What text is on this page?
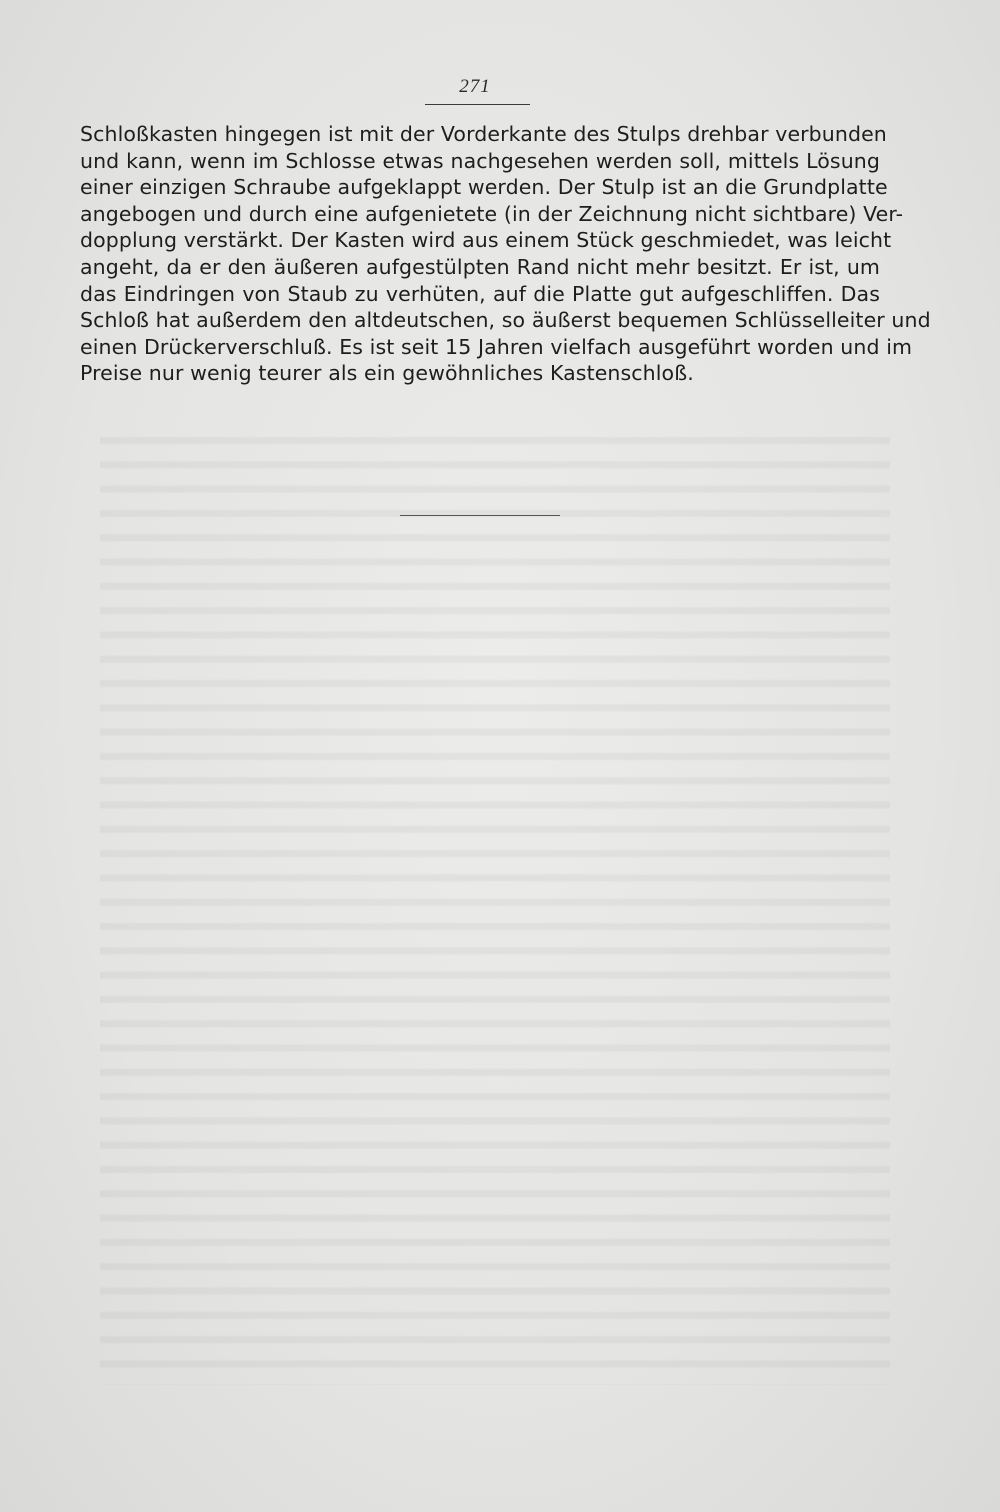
271
Schloßkasten hingegen ist mit der Vorderkante des Stulps drehbar verbunden
und kann, wenn im Schlosse etwas nachgesehen werden soll, mittels Lösung
einer einzigen Schraube aufgeklappt werden. Der Stulp ist an die Grundplatte
angebogen und durch eine aufgenietete (in der Zeichnung nicht sichtbare) Ver-
dopplung verstärkt. Der Kasten wird aus einem Stück geschmiedet, was leicht
angeht, da er den äußeren aufgestülpten Rand nicht mehr besitzt. Er ist, um
das Eindringen von Staub zu verhüten, auf die Platte gut aufgeschliffen. Das
Schloß hat außerdem den altdeutschen, so äußerst bequemen Schlüsselleiter und
einen Drückerverschluß. Es ist seit 15 Jahren vielfach ausgeführt worden und im
Preise nur wenig teurer als ein gewöhnliches Kastenschloß.
